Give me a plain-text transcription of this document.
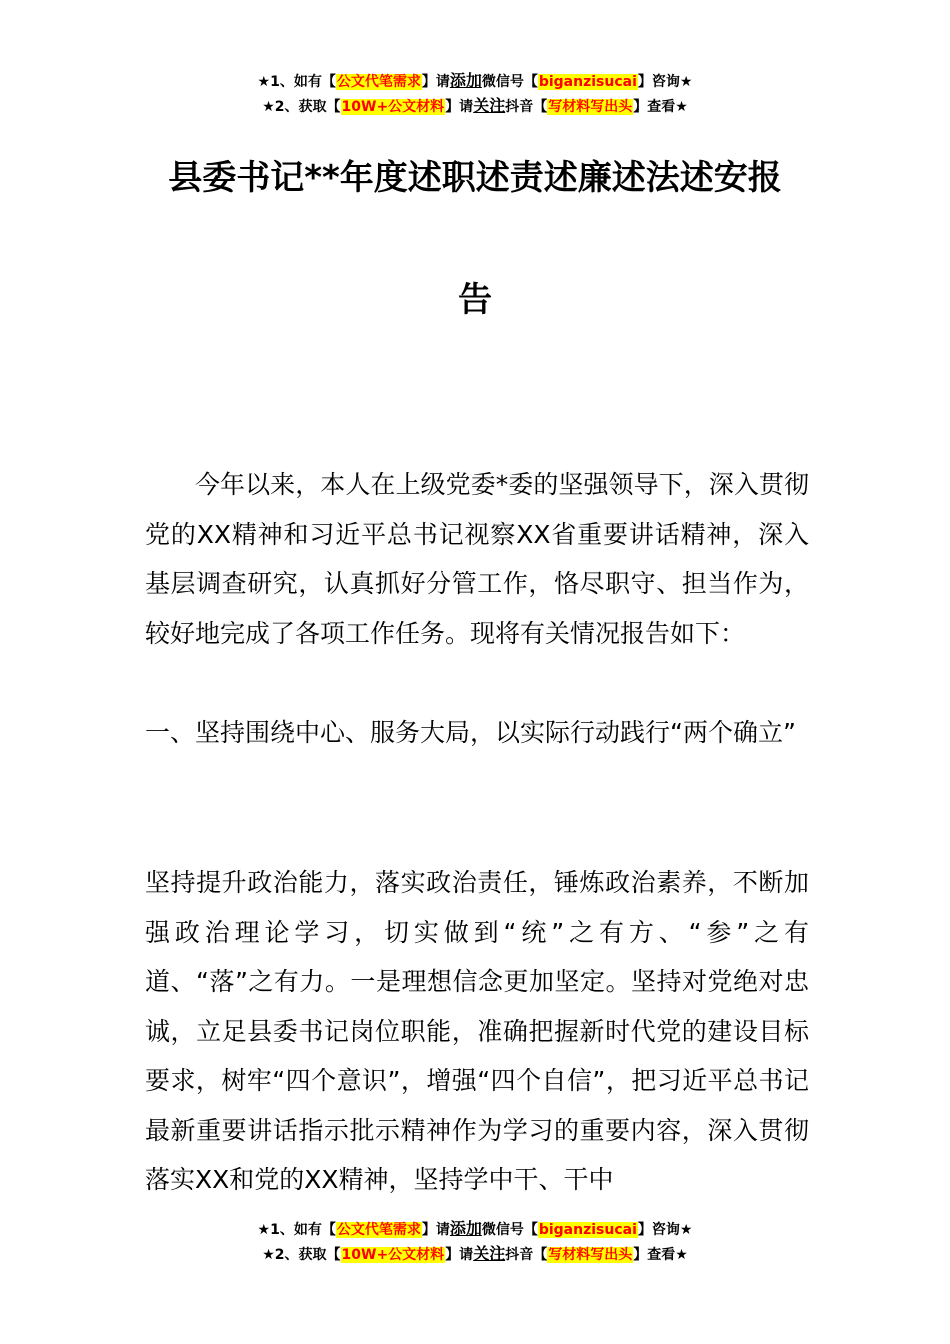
★1、如有【公文代笔需求】请添加微信号【biganzisucai】咨询★
★2、获取【10W+公文材料】请关注抖音【写材料写出头】查看★
县委书记**年度述职述责述廉述法述安报
告

今年以来，本人在上级党委*委的坚强领导下，深入贯彻党的XX精神和习近平总书记视察XX省重要讲话精神，深入基层调查研究，认真抓好分管工作，恪尽职守、担当作为，较好地完成了各项工作任务。现将有关情况报告如下：

一、坚持围绕中心、服务大局，以实际行动践行“两个确立”

坚持提升政治能力，落实政治责任，锤炼政治素养，不断加强政治理论学习，切实做到“统”之有方、“参”之有道、“落”之有力。一是理想信念更加坚定。坚持对党绝对忠诚，立足县委书记岗位职能，准确把握新时代党的建设目标要求，树牢“四个意识”，增强“四个自信”，把习近平总书记最新重要讲话指示批示精神作为学习的重要内容，深入贯彻落实XX和党的XX精神，坚持学中干、干中

★1、如有【公文代笔需求】请添加微信号【biganzisucai】咨询★
★2、获取【10W+公文材料】请关注抖音【写材料写出头】查看★
